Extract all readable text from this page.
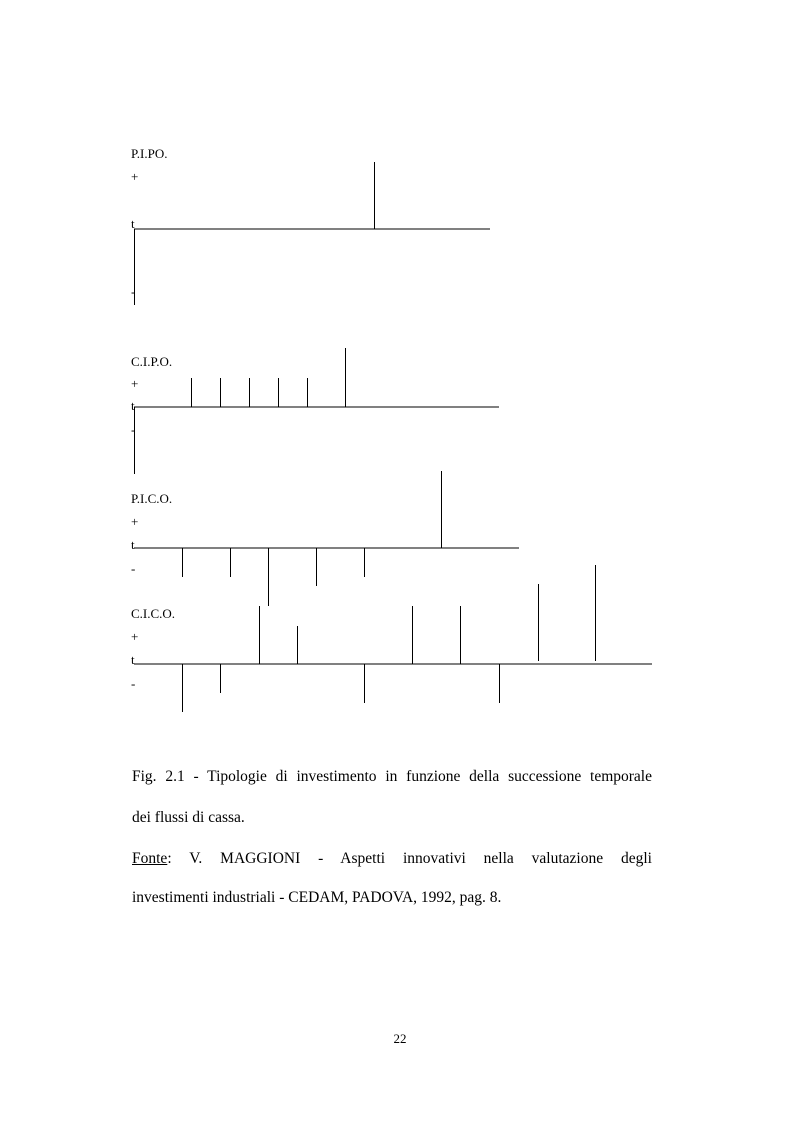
P.I.PO.
+
t
-
C.I.P.O.
+
t
-
P.I.C.O.
+
t
-
C.I.C.O.
+
t
-
Fig. 2.1 - Tipologie di investimento in funzione della successione temporale
dei flussi di cassa.
Fonte: V. MAGGIONI - Aspetti innovativi nella valutazione degli
investimenti industriali - CEDAM, PADOVA, 1992, pag. 8.
22
